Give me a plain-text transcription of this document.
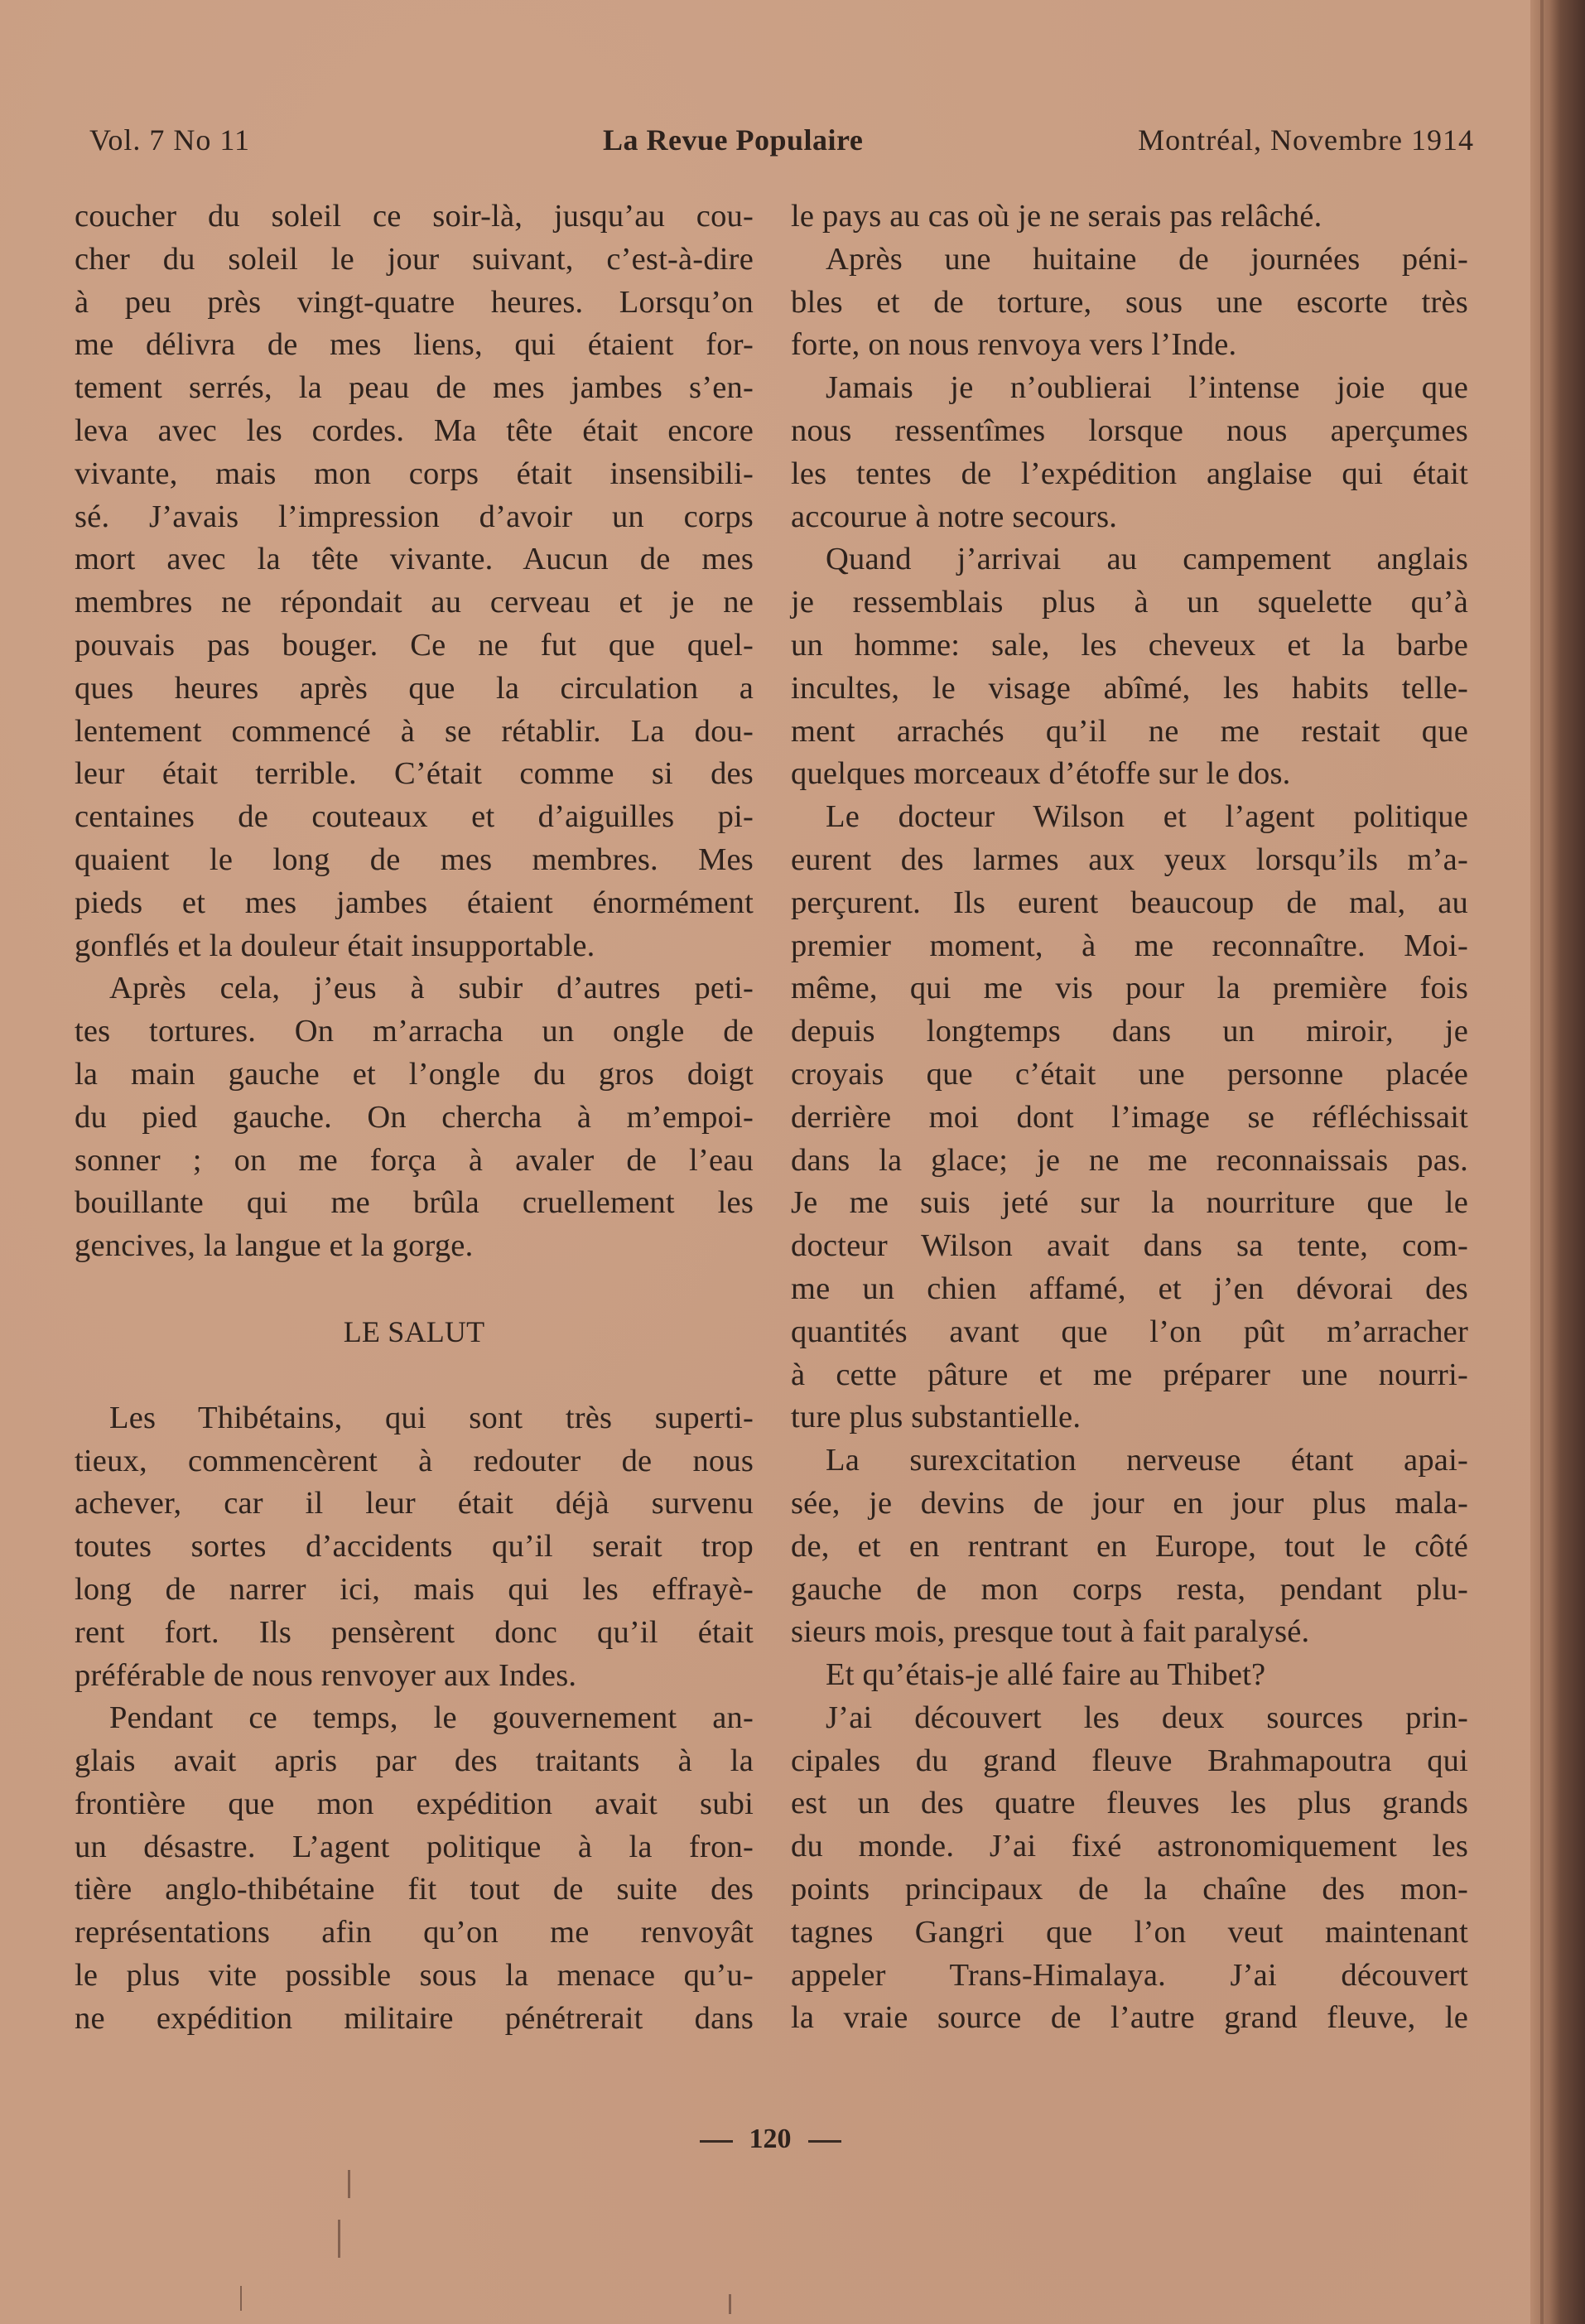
Vol. 7 No 11	La Revue Populaire	Montréal, Novembre 1914

coucher du soleil ce soir-là, jusqu’au cou-

cher du soleil le jour suivant, c’est-à-dire

à peu près vingt-quatre heures. Lorsqu’on

me délivra de mes liens, qui étaient for-

tement serrés, la peau de mes jambes s’en-

leva avec les cordes. Ma tête était encore

vivante, mais mon corps était insensibili-

sé. J’avais l’impression d’avoir un corps

mort avec la tête vivante. Aucun de mes

membres ne répondait au cerveau et je ne

pouvais pas bouger. Ce ne fut que quel-

ques heures après que la circulation a

lentement commencé à se rétablir. La dou-

leur était terrible. C’était comme si des

centaines de couteaux et d’aiguilles pi-

quaient le long de mes membres. Mes

pieds et mes jambes étaient énormément

gonflés et la douleur était insupportable.

Après cela, j’eus à subir d’autres peti-

tes tortures. On m’arracha un ongle de

la main gauche et l’ongle du gros doigt

du pied gauche. On chercha à m’empoi-

sonner ; on me força à avaler de l’eau

bouillante qui me brûla cruellement les

gencives, la langue et la gorge.

LE SALUT

Les Thibétains, qui sont très superti-

tieux, commencèrent à redouter de nous

achever, car il leur était déjà survenu

toutes sortes d’accidents qu’il serait trop

long de narrer ici, mais qui les effrayè-

rent fort. Ils pensèrent donc qu’il était

préférable de nous renvoyer aux Indes.

Pendant ce temps, le gouvernement an-

glais avait apris par des traitants à la

frontière que mon expédition avait subi

un désastre. L’agent politique à la fron-

tière anglo-thibétaine fit tout de suite des

représentations afin qu’on me renvoyât

le plus vite possible sous la menace qu’u-

ne expédition militaire pénétrerait dans

le pays au cas où je ne serais pas relâché.

Après une huitaine de journées péni-

bles et de torture, sous une escorte très

forte, on nous renvoya vers l’Inde.

Jamais je n’oublierai l’intense joie que

nous ressentîmes lorsque nous aperçumes

les tentes de l’expédition anglaise qui était

accourue à notre secours.

Quand j’arrivai au campement anglais

je ressemblais plus à un squelette qu’à

un homme: sale, les cheveux et la barbe

incultes, le visage abîmé, les habits telle-

ment arrachés qu’il ne me restait que

quelques morceaux d’étoffe sur le dos.

Le docteur Wilson et l’agent politique

eurent des larmes aux yeux lorsqu’ils m’a-

perçurent. Ils eurent beaucoup de mal, au

premier moment, à me reconnaître. Moi-

même, qui me vis pour la première fois

depuis longtemps dans un miroir, je

croyais que c’était une personne placée

derrière moi dont l’image se réfléchissait

dans la glace; je ne me reconnaissais pas.

Je me suis jeté sur la nourriture que le

docteur Wilson avait dans sa tente, com-

me un chien affamé, et j’en dévorai des

quantités avant que l’on pût m’arracher

à cette pâture et me préparer une nourri-

ture plus substantielle.

La surexcitation nerveuse étant apai-

sée, je devins de jour en jour plus mala-

de, et en rentrant en Europe, tout le côté

gauche de mon corps resta, pendant plu-

sieurs mois, presque tout à fait paralysé.

Et qu’étais-je allé faire au Thibet?

J’ai découvert les deux sources prin-

cipales du grand fleuve Brahmapoutra qui

est un des quatre fleuves les plus grands

du monde. J’ai fixé astronomiquement les

points principaux de la chaîne des mon-

tagnes Gangri que l’on veut maintenant

appeler Trans-Himalaya. J’ai découvert

la vraie source de l’autre grand fleuve, le

120
